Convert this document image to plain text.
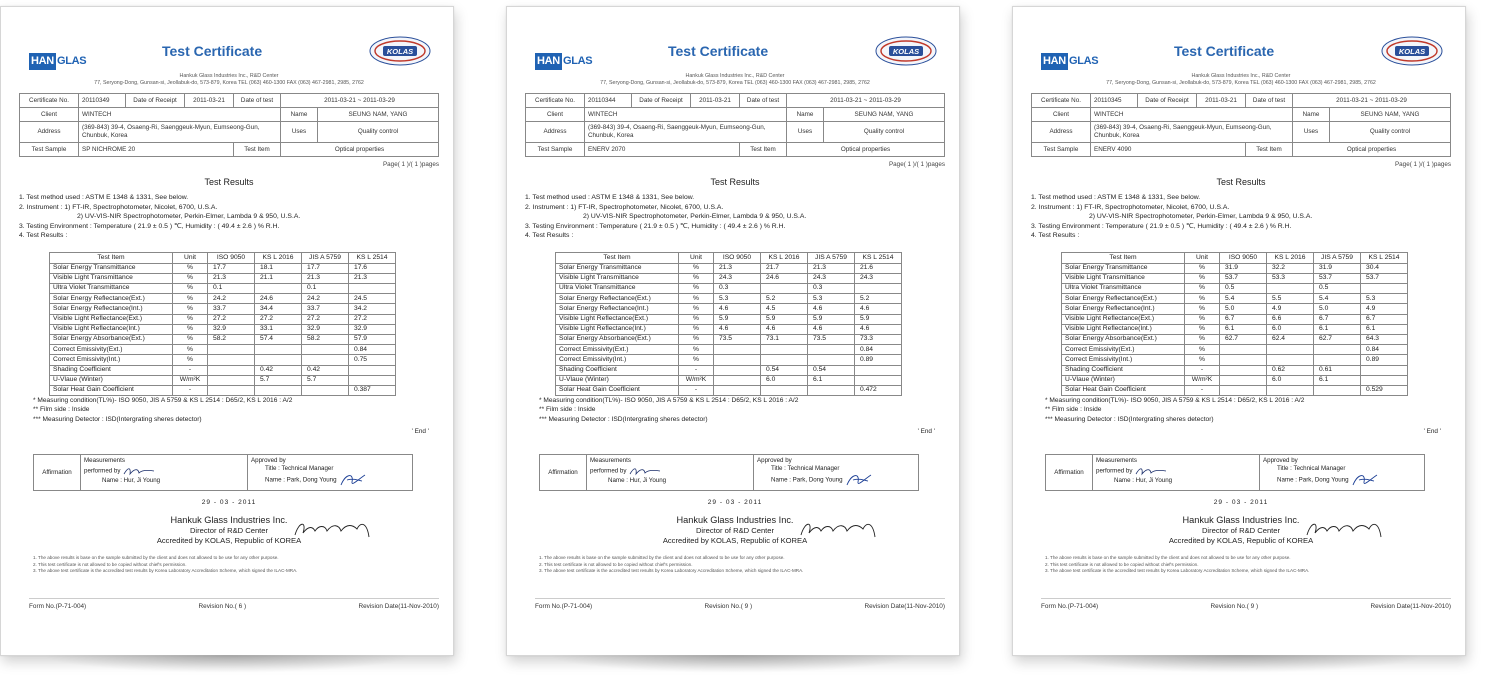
HAN GLAS
Test Certificate	KOLAS
Hankuk Glass Industries Inc., R&D Center
77, Seryong-Dong, Gunsan-si, Jeollabuk-do, 573-879, Korea TEL (063) 460-1300 FAX (063) 467-2981, 2985, 2762
Certificate No.	20110349	Date of Receipt	2011-03-21	Date of test	2011-03-21 ~ 2011-03-29	
Client	WINTECH				Name	SEUNG NAM, YANG
Address	(369-843) 39-4, Osaeng-Ri, Saenggeuk-Myun, Eumseong-Gun, Chunbuk, Korea				Uses	Quality control
Test Sample	SP NICHROME 20			Test Item	Optical properties	
Page( 1 )/( 1 )pages
Test Results
1. Test method used : ASTM E 1348 & 1331, See below.
2. Instrument : 1) FT-IR, Spectrophotometer, Nicolet, 6700, U.S.A.
2) UV-VIS-NIR Spectrophotometer, Perkin-Elmer, Lambda 9 & 950, U.S.A.
3. Testing Environment : Temperature ( 21.9 ± 0.5 ) ℃, Humidity : ( 49.4 ± 2.6 ) % R.H.
4. Test Results :
Test Item	Unit	ISO 9050	KS L 2016	JIS A 5759	KS L 2514
Solar Energy Transmittance	%	17.7	18.1	17.7	17.6
Visible Light Transmittance	%	21.3	21.1	21.3	21.3
Ultra Violet Transmittance	%	0.1		0.1	
Solar Energy Reflectance(Ext.)	%	24.2	24.6	24.2	24.5
Solar Energy Reflectance(Int.)	%	33.7	34.4	33.7	34.2
Visible Light Reflectance(Ext.)	%	27.2	27.2	27.2	27.2
Visible Light Reflectance(Int.)	%	32.9	33.1	32.9	32.9
Solar Energy Absorbance(Ext.)	%	58.2	57.4	58.2	57.9
Correct Emissivity(Ext.)	%				0.84
Correct Emissivity(Int.)	%				0.75
Shading Coefficient	-		0.42	0.42	
U-Vlaue (Winter)	W/m²K		5.7	5.7	
Solar Heat Gain Coefficient	-				0.387
* Measuring condition(TL%)- ISO 9050, JIS A 5759 & KS L 2514 : D65/2, KS L 2016 : A/2
** Film side : Inside
*** Measuring Detector : ISD(Intergrating sheres detector)
' End '
Affirmation	
Measurements
performed by
Name : Hur, Ji Young

Approved by
Title : Technical Manager
Name : Park, Dong Young
29 - 03 - 2011
Hankuk Glass Industries Inc.
Director of R&D Center
Accredited by KOLAS, Republic of KOREA
1. The above results is base on the sample submitted by the client and does not allowed to be use for any other purpose.
2. This test certificate is not allowed to be copied without chief's permission.
3. The above test certificate is the accredited test results by Korea Laboratory Accreditation Scheme, which signed the ILAC-MRA.
Form No.(P-71-004)	Revision No.( 6 )	Revision Date(11-Nov-2010)
HAN GLAS
Test Certificate	KOLAS
Hankuk Glass Industries Inc., R&D Center
77, Seryong-Dong, Gunsan-si, Jeollabuk-do, 573-879, Korea TEL (063) 460-1300 FAX (063) 467-2981, 2985, 2762
Certificate No.	20110344	Date of Receipt	2011-03-21	Date of test	2011-03-21 ~ 2011-03-29	
Client	WINTECH				Name	SEUNG NAM, YANG
Address	(369-843) 39-4, Osaeng-Ri, Saenggeuk-Myun, Eumseong-Gun, Chunbuk, Korea				Uses	Quality control
Test Sample	ENERV 2070			Test Item	Optical properties	
Page( 1 )/( 1 )pages
Test Results
1. Test method used : ASTM E 1348 & 1331, See below.
2. Instrument : 1) FT-IR, Spectrophotometer, Nicolet, 6700, U.S.A.
2) UV-VIS-NIR Spectrophotometer, Perkin-Elmer, Lambda 9 & 950, U.S.A.
3. Testing Environment : Temperature ( 21.9 ± 0.5 ) ℃, Humidity : ( 49.4 ± 2.6 ) % R.H.
4. Test Results :
Test Item	Unit	ISO 9050	KS L 2016	JIS A 5759	KS L 2514
Solar Energy Transmittance	%	21.3	21.7	21.3	21.6
Visible Light Transmittance	%	24.3	24.6	24.3	24.3
Ultra Violet Transmittance	%	0.3		0.3	
Solar Energy Reflectance(Ext.)	%	5.3	5.2	5.3	5.2
Solar Energy Reflectance(Int.)	%	4.6	4.5	4.6	4.6
Visible Light Reflectance(Ext.)	%	5.9	5.9	5.9	5.9
Visible Light Reflectance(Int.)	%	4.6	4.6	4.6	4.6
Solar Energy Absorbance(Ext.)	%	73.5	73.1	73.5	73.3
Correct Emissivity(Ext.)	%				0.84
Correct Emissivity(Int.)	%				0.89
Shading Coefficient	-		0.54	0.54	
U-Vlaue (Winter)	W/m²K		6.0	6.1	
Solar Heat Gain Coefficient	-				0.472
* Measuring condition(TL%)- ISO 9050, JIS A 5759 & KS L 2514 : D65/2, KS L 2016 : A/2
** Film side : Inside
*** Measuring Detector : ISD(Intergrating sheres detector)
' End '
Affirmation	
Measurements
performed by
Name : Hur, Ji Young

Approved by
Title : Technical Manager
Name : Park, Dong Young
29 - 03 - 2011
Hankuk Glass Industries Inc.
Director of R&D Center
Accredited by KOLAS, Republic of KOREA
1. The above results is base on the sample submitted by the client and does not allowed to be use for any other purpose.
2. This test certificate is not allowed to be copied without chief's permission.
3. The above test certificate is the accredited test results by Korea Laboratory Accreditation Scheme, which signed the ILAC-MRA.
Form No.(P-71-004)	Revision No.( 9 )	Revision Date(11-Nov-2010)
HAN GLAS
Test Certificate	KOLAS
Hankuk Glass Industries Inc., R&D Center
77, Seryong-Dong, Gunsan-si, Jeollabuk-do, 573-879, Korea TEL (063) 460-1300 FAX (063) 467-2981, 2985, 2762
Certificate No.	20110345	Date of Receipt	2011-03-21	Date of test	2011-03-21 ~ 2011-03-29	
Client	WINTECH				Name	SEUNG NAM, YANG
Address	(369-843) 39-4, Osaeng-Ri, Saenggeuk-Myun, Eumseong-Gun, Chunbuk, Korea				Uses	Quality control
Test Sample	ENERV 4090			Test Item	Optical properties	
Page( 1 )/( 1 )pages
Test Results
1. Test method used : ASTM E 1348 & 1331, See below.
2. Instrument : 1) FT-IR, Spectrophotometer, Nicolet, 6700, U.S.A.
2) UV-VIS-NIR Spectrophotometer, Perkin-Elmer, Lambda 9 & 950, U.S.A.
3. Testing Environment : Temperature ( 21.9 ± 0.5 ) ℃, Humidity : ( 49.4 ± 2.6 ) % R.H.
4. Test Results :
Test Item	Unit	ISO 9050	KS L 2016	JIS A 5759	KS L 2514
Solar Energy Transmittance	%	31.9	32.2	31.9	30.4
Visible Light Transmittance	%	53.7	53.3	53.7	53.7
Ultra Violet Transmittance	%	0.5		0.5	
Solar Energy Reflectance(Ext.)	%	5.4	5.5	5.4	5.3
Solar Energy Reflectance(Int.)	%	5.0	4.9	5.0	4.9
Visible Light Reflectance(Ext.)	%	6.7	6.6	6.7	6.7
Visible Light Reflectance(Int.)	%	6.1	6.0	6.1	6.1
Solar Energy Absorbance(Ext.)	%	62.7	62.4	62.7	64.3
Correct Emissivity(Ext.)	%				0.84
Correct Emissivity(Int.)	%				0.89
Shading Coefficient	-		0.62	0.61	
U-Vlaue (Winter)	W/m²K		6.0	6.1	
Solar Heat Gain Coefficient	-				0.529
* Measuring condition(TL%)- ISO 9050, JIS A 5759 & KS L 2514 : D65/2, KS L 2016 : A/2
** Film side : Inside
*** Measuring Detector : ISD(Intergrating sheres detector)
' End '
Affirmation	
Measurements
performed by
Name : Hur, Ji Young

Approved by
Title : Technical Manager
Name : Park, Dong Young
29 - 03 - 2011
Hankuk Glass Industries Inc.
Director of R&D Center
Accredited by KOLAS, Republic of KOREA
1. The above results is base on the sample submitted by the client and does not allowed to be use for any other purpose.
2. This test certificate is not allowed to be copied without chief's permission.
3. The above test certificate is the accredited test results by Korea Laboratory Accreditation Scheme, which signed the ILAC-MRA.
Form No.(P-71-004)	Revision No.( 9 )	Revision Date(11-Nov-2010)
